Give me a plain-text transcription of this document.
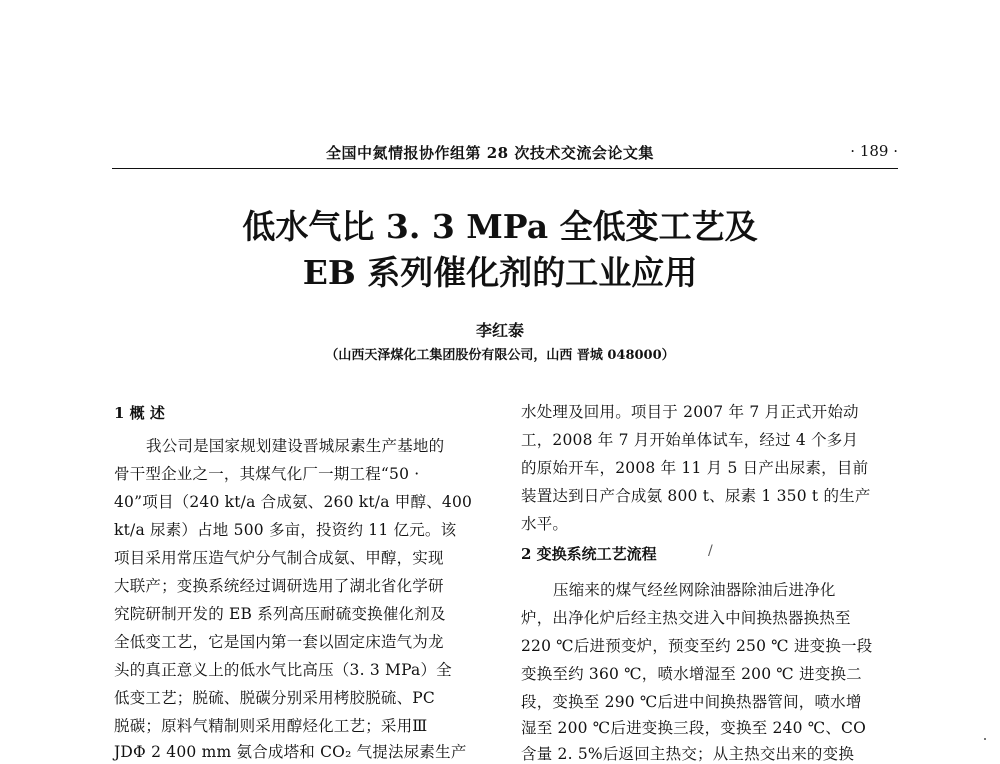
全国中氮情报协作组第 28 次技术交流会论文集	· 189 ·
低水气比 3. 3 MPa 全低变工艺及
EB 系列催化剂的工业应用
李红泰
（山西天泽煤化工集团股份有限公司，山西 晋城 048000）
1 概 述
我公司是国家规划建设晋城尿素生产基地的
骨干型企业之一，其煤气化厂一期工程“50 ·
40”项目（240 kt/a 合成氨、260 kt/a 甲醇、400
kt/a 尿素）占地 500 多亩，投资约 11 亿元。该
项目采用常压造气炉分气制合成氨、甲醇，实现
大联产；变换系统经过调研选用了湖北省化学研
究院研制开发的 EB 系列高压耐硫变换催化剂及
全低变工艺，它是国内第一套以固定床造气为龙
头的真正意义上的低水气比高压（3. 3 MPa）全
低变工艺；脱硫、脱碳分别采用栲胶脱硫、PC
脱碳；原料气精制则采用醇烃化工艺；采用Ⅲ
JDΦ 2 400 mm 氨合成塔和 CO₂ 气提法尿素生产
水处理及回用。项目于 2007 年 7 月正式开始动
工，2008 年 7 月开始单体试车，经过 4 个多月
的原始开车，2008 年 11 月 5 日产出尿素，目前
装置达到日产合成氨 800 t、尿素 1 350 t 的生产
水平。
2 变换系统工艺流程
压缩来的煤气经丝网除油器除油后进净化
炉，出净化炉后经主热交进入中间换热器换热至
220 ℃后进预变炉，预变至约 250 ℃ 进变换一段
变换至约 360 ℃，喷水增湿至 200 ℃ 进变换二
段，变换至 290 ℃后进中间换热器管间，喷水增
湿至 200 ℃后进变换三段，变换至 240 ℃、CO
含量 2. 5%后返回主热交；从主热交出来的变换
/
